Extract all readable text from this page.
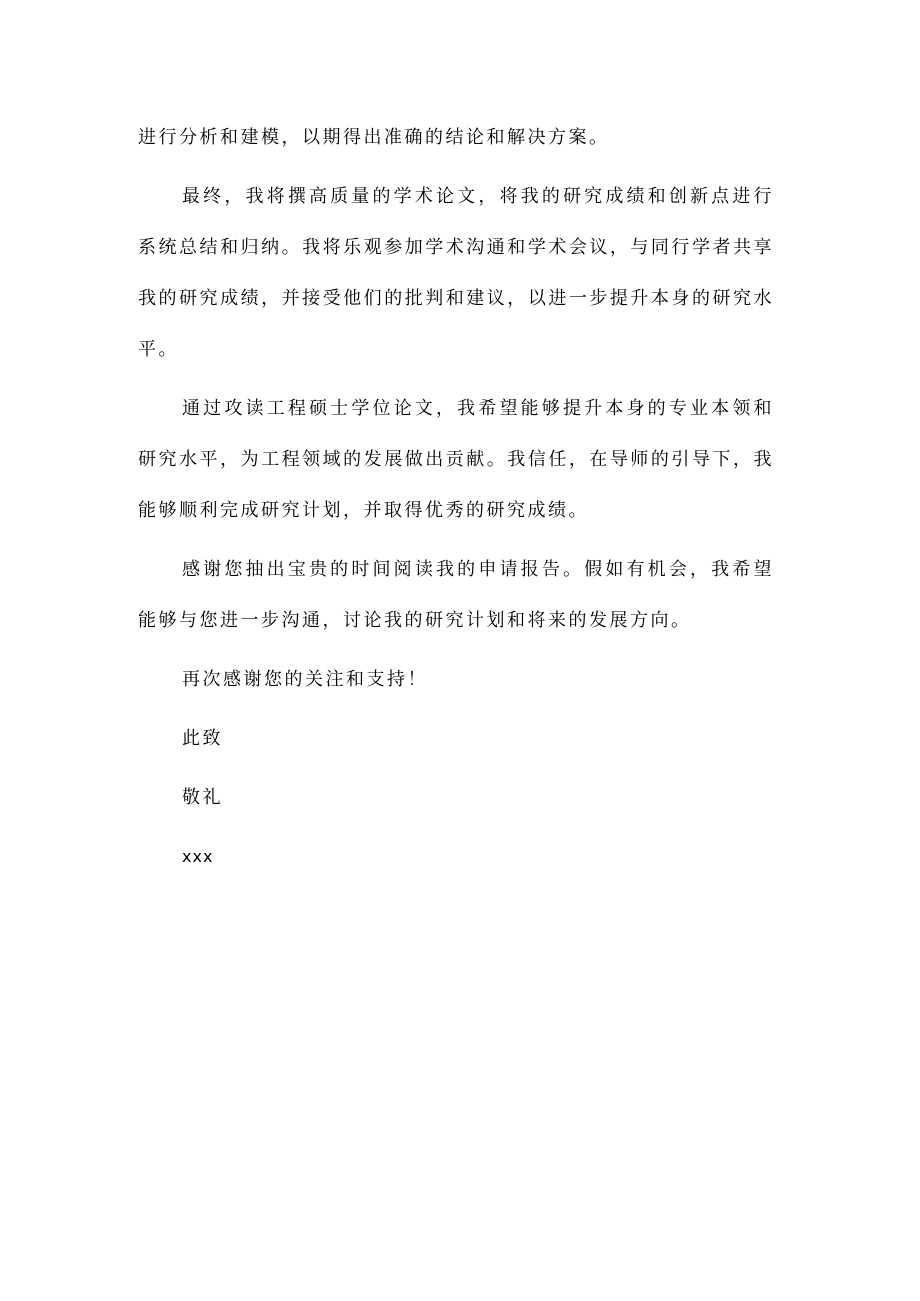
进行分析和建模，以期得出准确的结论和解决方案。

最终，我将撰高质量的学术论文，将我的研究成绩和创新点进行系统总结和归纳。我将乐观参加学术沟通和学术会议，与同行学者共享我的研究成绩，并接受他们的批判和建议，以进一步提升本身的研究水平。

通过攻读工程硕士学位论文，我希望能够提升本身的专业本领和研究水平，为工程领域的发展做出贡献。我信任，在导师的引导下，我能够顺利完成研究计划，并取得优秀的研究成绩。

感谢您抽出宝贵的时间阅读我的申请报告。假如有机会，我希望能够与您进一步沟通，讨论我的研究计划和将来的发展方向。

再次感谢您的关注和支持！

此致

敬礼

xxx
